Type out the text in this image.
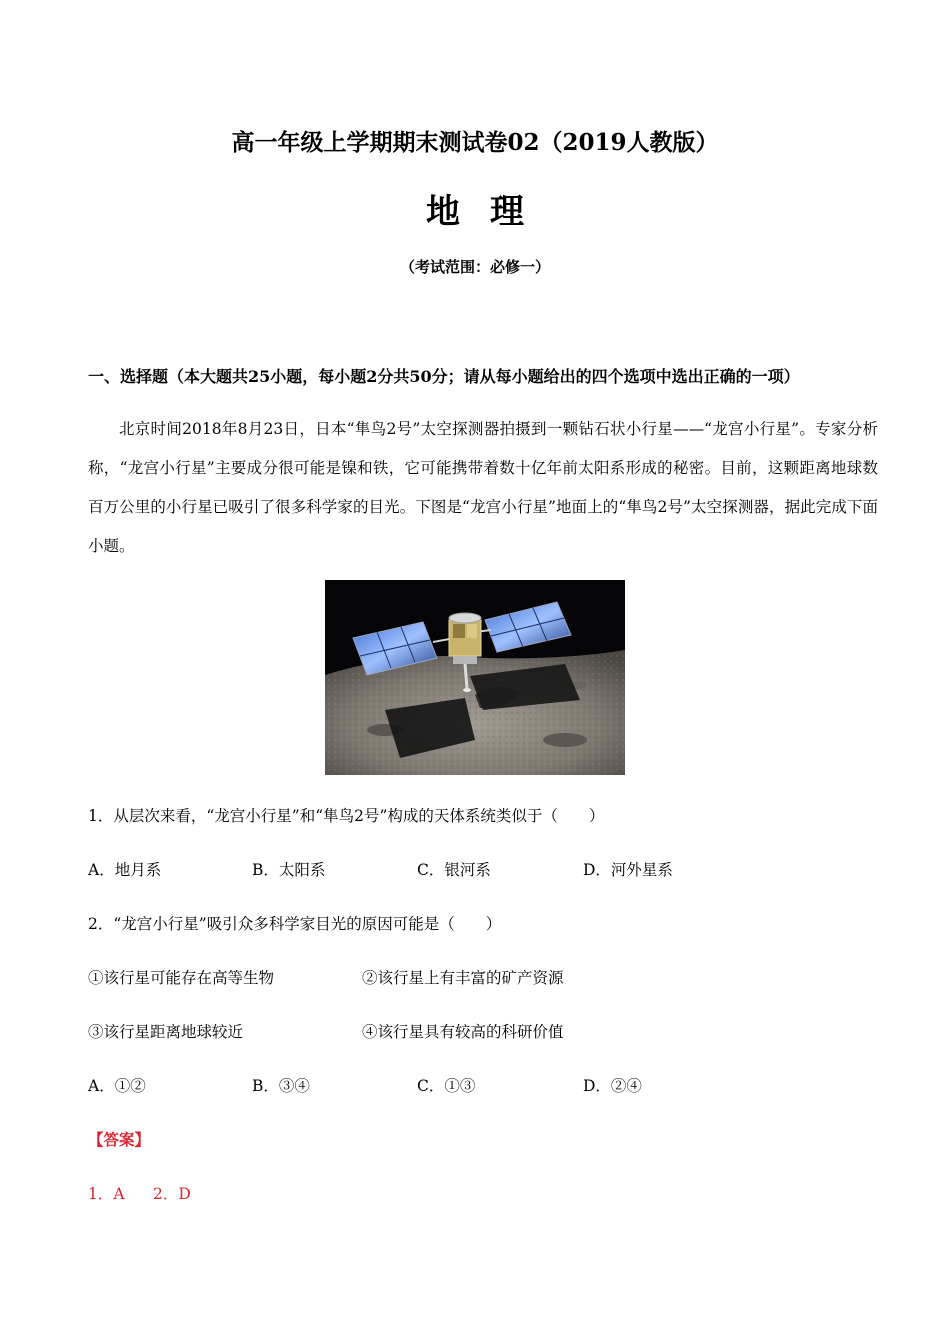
高一年级上学期期末测试卷02（2019人教版）
地理
（考试范围：必修一）
一、选择题（本大题共25小题，每小题2分共50分；请从每小题给出的四个选项中选出正确的一项）
北京时间2018年8月23日，日本“隼鸟2号”太空探测器拍摄到一颗钻石状小行星——“龙宫小行星”。专家分析称，“龙宫小行星”主要成分很可能是镍和铁，它可能携带着数十亿年前太阳系形成的秘密。目前，这颗距离地球数百万公里的小行星已吸引了很多科学家的目光。下图是“龙宫小行星”地面上的“隼鸟2号”太空探测器，据此完成下面小题。
1．从层次来看，“龙宫小行星”和“隼鸟2号”构成的天体系统类似于（　　）
A．地月系	B．太阳系	C．银河系	D．河外星系
2．“龙宫小行星”吸引众多科学家目光的原因可能是（　　）
①该行星可能存在高等生物	②该行星上有丰富的矿产资源
③该行星距离地球较近	④该行星具有较高的科研价值
A．①②	B．③④	C．①③	D．②④
【答案】
1．A 2．D
